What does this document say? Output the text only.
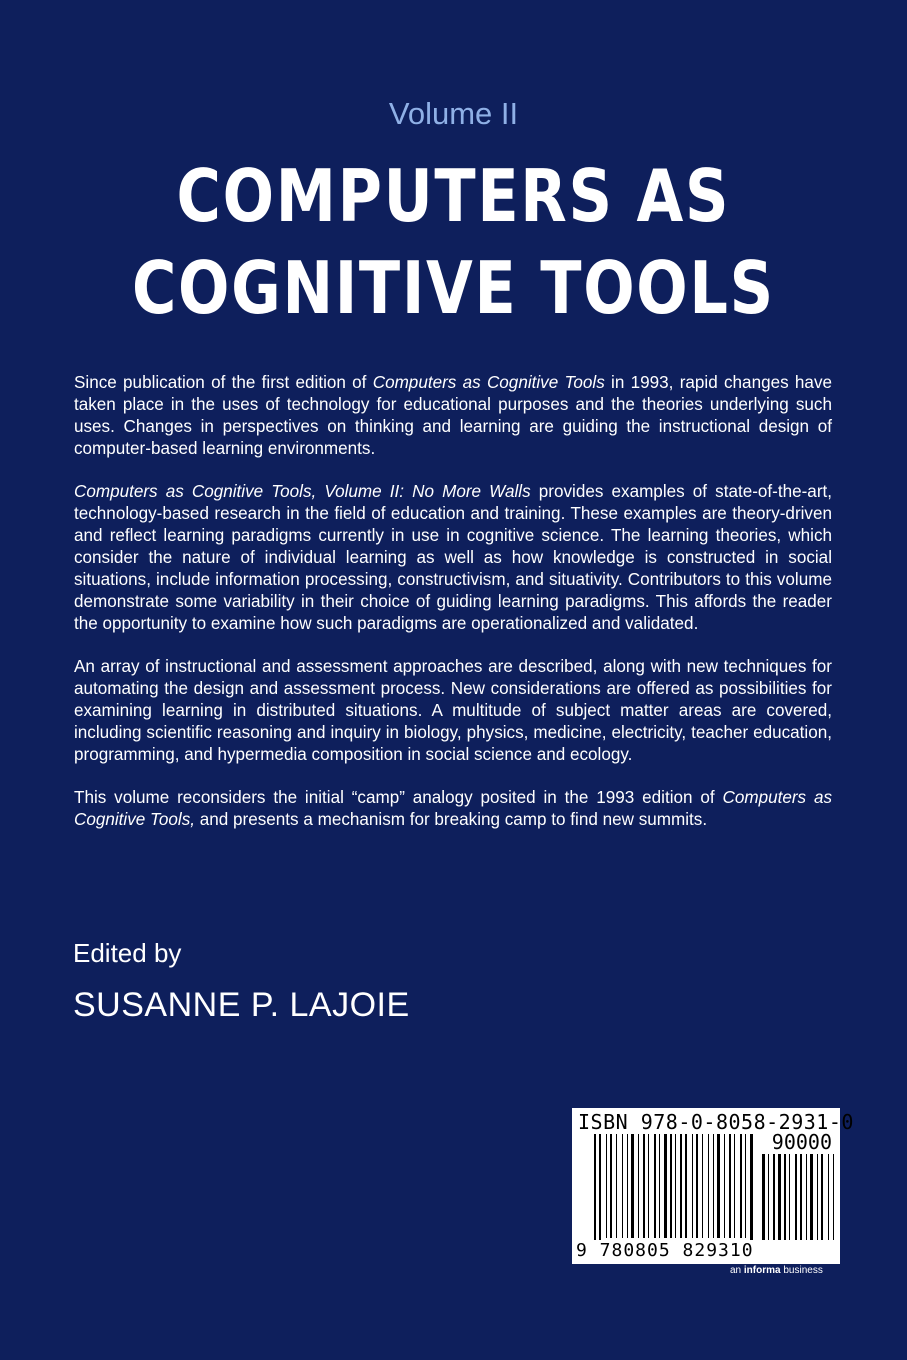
Volume II
COMPUTERS AS
COGNITIVE TOOLS

Since publication of the first edition of Computers as Cognitive Tools in 1993, rapid changes have taken place in the uses of technology for educational purposes and the theories underlying such uses. Changes in perspectives on thinking and learning are guiding the instructional design of computer-based learning environments.

Computers as Cognitive Tools, Volume II: No More Walls provides examples of state-of-the-art, technology-based research in the field of education and training. These examples are theory-driven and reflect learning paradigms currently in use in cognitive science. The learning theories, which consider the nature of individual learning as well as how knowledge is constructed in social situations, include information processing, constructivism, and situativity. Contributors to this volume demonstrate some variability in their choice of guiding learning paradigms. This affords the reader the opportunity to examine how such paradigms are operationalized and validated.

An array of instructional and assessment approaches are described, along with new techniques for automating the design and assessment process. New considerations are offered as possibilities for examining learning in distributed situations. A multitude of subject matter areas are covered, including scientific reasoning and inquiry in biology, physics, medicine, electricity, teacher education, programming, and hypermedia composition in social science and ecology.

This volume reconsiders the initial “camp” analogy posited in the 1993 edition of Computers as Cognitive Tools, and presents a mechanism for breaking camp to find new summits.

Edited by
SUSANNE P. LAJOIE
ISBN 978-0-8058-2931-0
90000
9 780805 829310
an informa business
